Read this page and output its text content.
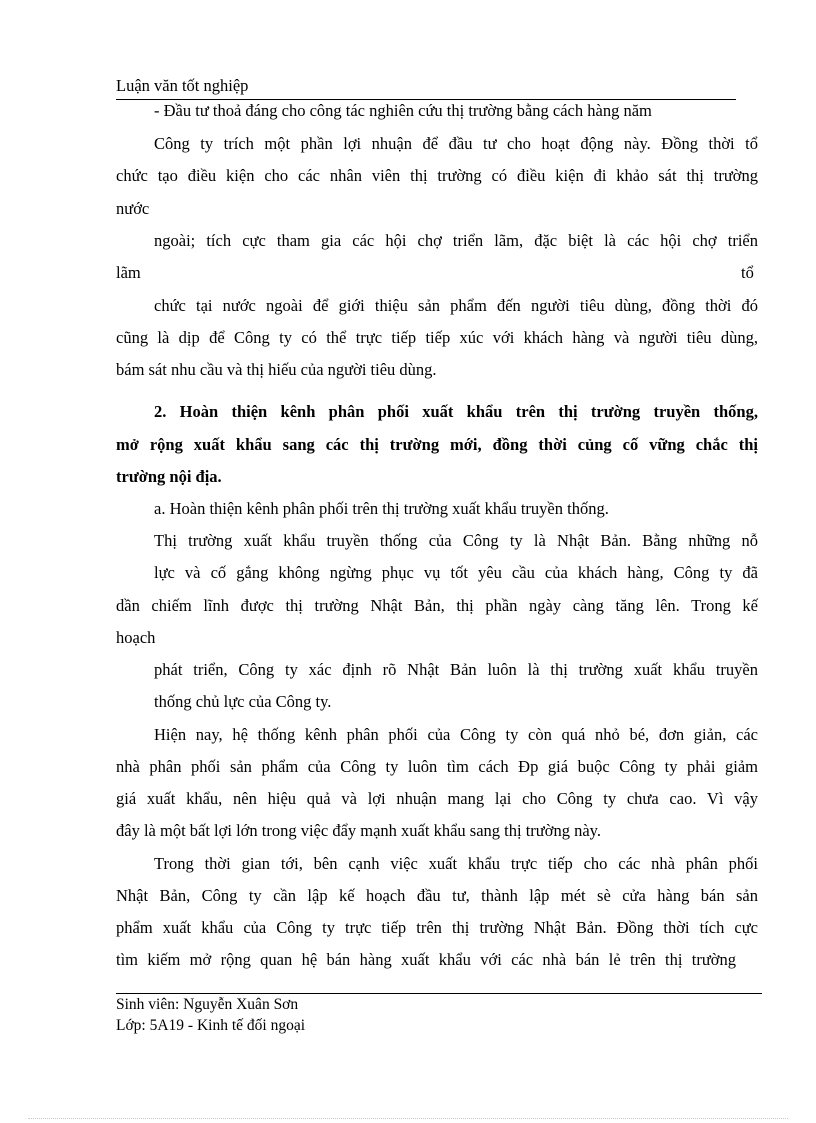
Luận văn tốt nghiệp
- Đầu tư thoả đáng cho công tác nghiên cứu thị trường bằng cách hàng năm
Công ty trích một phần lợi nhuận để đầu tư cho hoạt động này. Đồng thời tổ
chức tạo điều kiện cho các nhân viên thị trường có điều kiện đi khảo sát thị trường
nước
ngoài; tích cực tham gia các hội chợ triển lãm, đặc biệt là các hội chợ triển
lãm	tổ
chức tại nước ngoài để giới thiệu sản phẩm đến người tiêu dùng, đồng thời đó
cũng là dịp để Công ty có thể trực tiếp tiếp xúc với khách hàng và người tiêu dùng,
bám sát nhu cầu và thị hiếu của người tiêu dùng.
2. Hoàn thiện kênh phân phối xuất khẩu trên thị trường truyền thống,
mở rộng xuất khẩu sang các thị trường mới, đồng thời củng cố vững chắc thị
trường nội địa.
a. Hoàn thiện kênh phân phối trên thị trường xuất khẩu truyền thống.
Thị trường xuất khẩu truyền thống của Công ty là Nhật Bản. Bằng những nỗ
lực và cố gắng không ngừng phục vụ tốt yêu cầu của khách hàng, Công ty đã
dần chiếm lĩnh được thị trường Nhật Bản, thị phần ngày càng tăng lên. Trong kế
hoạch
phát triển, Công ty xác định rõ Nhật Bản luôn là thị trường xuất khẩu truyền
thống chủ lực của Công ty.
Hiện nay, hệ thống kênh phân phối của Công ty còn quá nhỏ bé, đơn giản, các
nhà phân phối sản phẩm của Công ty luôn tìm cách Ðp giá buộc Công ty phải giảm
giá xuất khẩu, nên hiệu quả và lợi nhuận mang lại cho Công ty chưa cao. Vì vậy
đây là một bất lợi lớn trong việc đẩy mạnh xuất khẩu sang thị trường này.
Trong thời gian tới, bên cạnh việc xuất khẩu trực tiếp cho các nhà phân phối
Nhật Bản, Công ty cần lập kế hoạch đầu tư, thành lập mét sè cửa hàng bán sản
phẩm xuất khẩu của Công ty trực tiếp trên thị trường Nhật Bản. Đồng thời tích cực
tìm kiếm mở rộng quan hệ bán hàng xuất khẩu với các nhà bán lẻ trên thị trường
Sinh viên: Nguyễn Xuân Sơn
Lớp: 5A19 - Kinh tế đối ngoại
